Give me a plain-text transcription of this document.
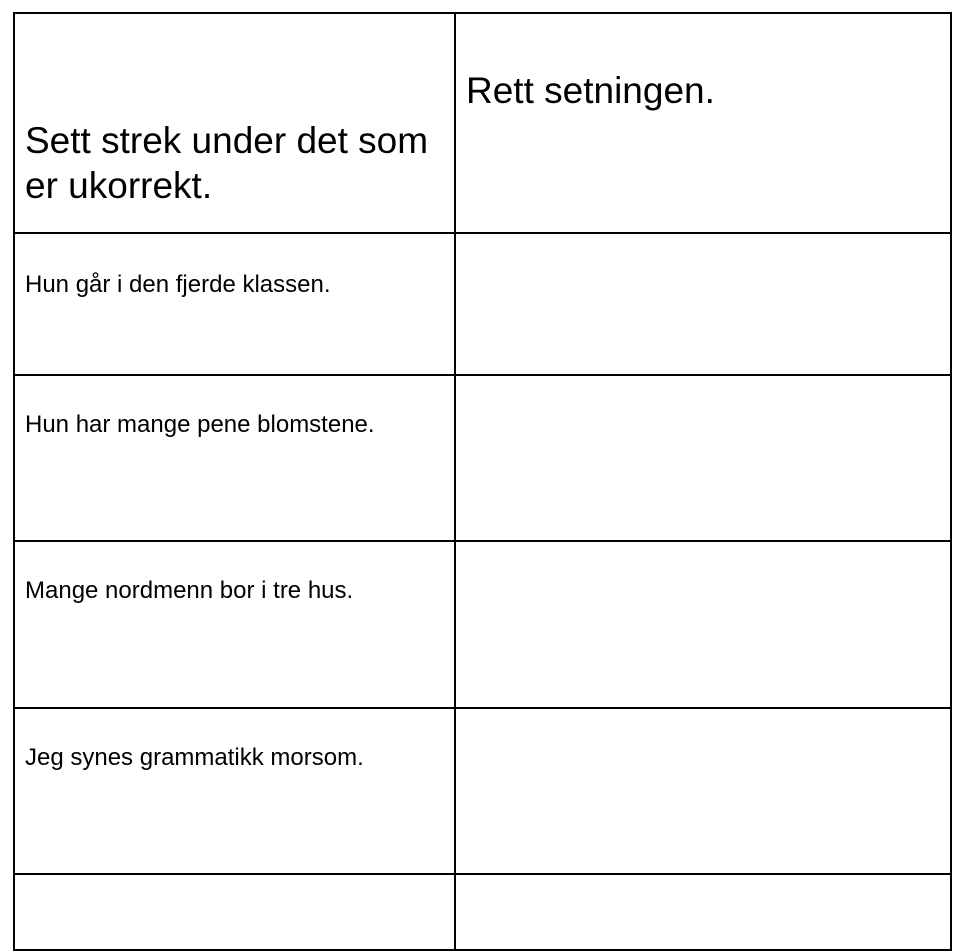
Sett strek under det som er ukorrekt.	Rett setningen.
Hun går i den fjerde klassen.	
Hun har mange pene blomstene.	
Mange nordmenn bor i tre hus.	
Jeg synes grammatikk morsom.	
